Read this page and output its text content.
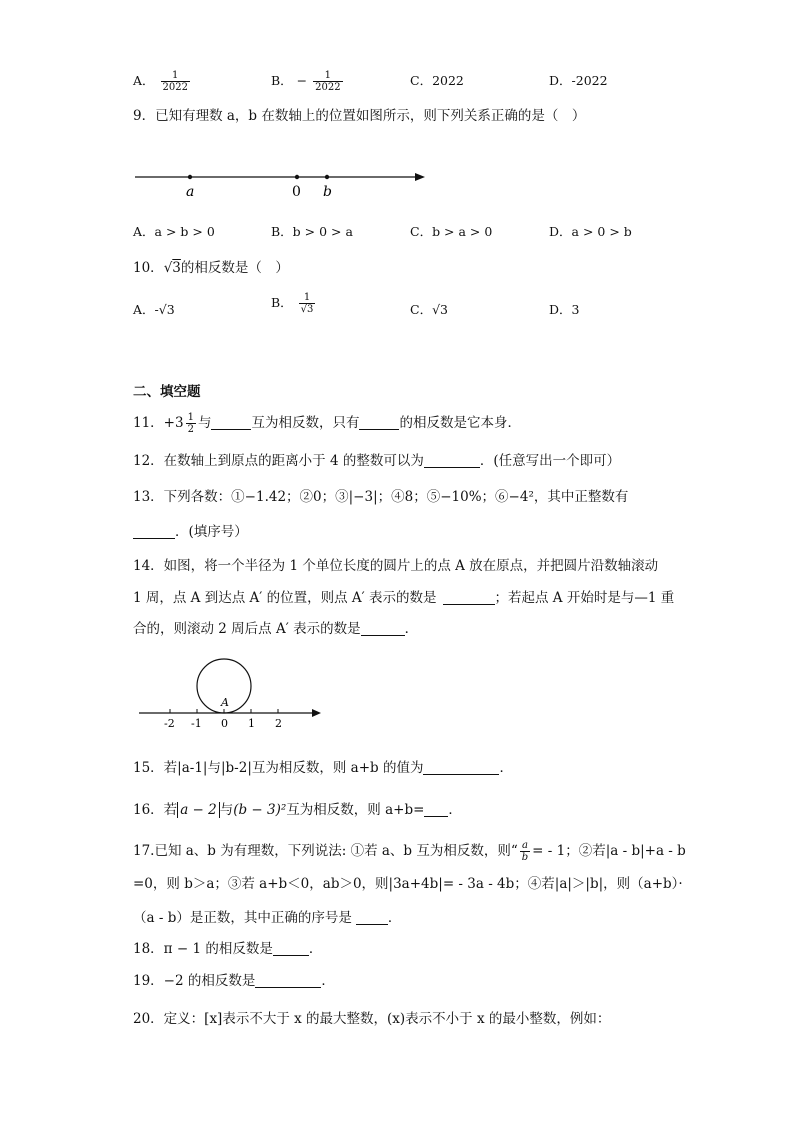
A． $\frac{1}{2022}$	B． − $\frac{1}{2022}$	C．2022	D．-2022
9．已知有理数 a，b 在数轴上的位置如图所示，则下列关系正确的是（　）
a	0 b
A．a > b > 0	B．b > 0 > a	C．b > a > 0	D．a > 0 > b
10．√3的相反数是（　）
A．-√3	B． $\frac{1}{√3}$	C．√3	D．3
二、填空题
11．$+3 \frac{1}{2}$ 与	互为相反数，只有	的相反数是它本身．
12．在数轴上到原点的距离小于 4 的整数可以为	．(任意写出一个即可）
13．下列各数：①−1.42；②0；③|−3|；④8；⑤−10%；⑥−4²，其中正整数有
．(填序号）
14．如图，将一个半径为 1 个单位长度的圆片上的点 A 放在原点，并把圆片沿数轴滚动
1 周，点 A 到达点 A′ 的位置，则点 A′ 表示的数是	；若起点 A 开始时是与—1 重
合的，则滚动 2 周后点 A′ 表示的数是	．
A
-2 -1 0 1 2
15．若|a-1|与|b-2|互为相反数，则 a+b 的值为	．
16．若 a − 2 与(b − 3)²互为相反数，则 a+b= ．
17.已知 a、b 为有理数，下列说法: ①若 a、b 互为相反数，则“ $\frac{a}{b}$ = - 1；②若|a - b|+a - b
=0，则 b＞a；③若 a+b＜0，ab＞0，则|3a+4b|= - 3a - 4b；④若|a|＞|b|，则（a+b）·
（a - b）是正数，其中正确的序号是	．
18．π − 1 的相反数是	．
19．−2 的相反数是	．
20．定义：[x]表示不大于 x 的最大整数，(x)表示不小于 x 的最小整数，例如：
